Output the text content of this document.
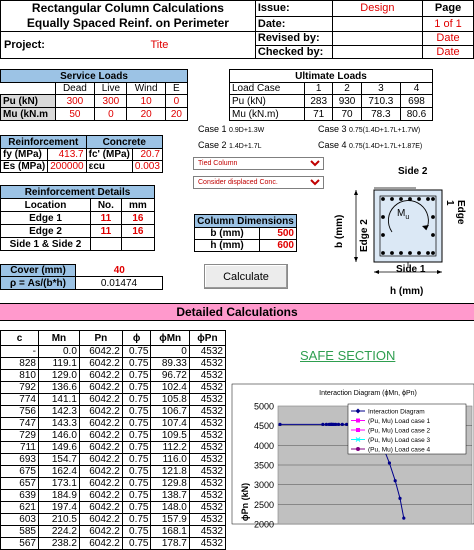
Rectangular Column Calculations
Equally Spaced Reinf. on Perimeter	Issue:	Design	Page
	Date:		1 of 1

Project: Tite	Revised by:		Date
	Checked by:		Date
Service Loads				
	Dead	Live	Wind	E
Pu (kN)	300	300	10	0
Mu (kN.m	50	0	20	20
Ultimate Loads				
Load Case	1	2	3	4
Pu (kN)	283	930	710.3	698
Mu (kN.m)	71	70	78.3	80.6
Case 1 0.9D+1.3W
Case 2 1.4D+1.7L
Case 3 0.75(1.4D+1.7L+1.7W)
Case 4 0.75(1.4D+1.7L+1.87E)
Reinforcement		Concrete	
fy (MPa)	413.7	fc' (MPa)	20.7
Es (MPa)	200000	εcu	0.003
Tied Column
Consider displaced Conc.
Reinforcement Details		
Location	No.	mm
Edge 1	11	16
Edge 2	11	16
Side 1 & Side 2		
Column Dimensions	
b (mm)	500
h (mm)	600
Cover (mm)	40
ρ = As/(b*h)	0.01474
Calculate
Side 2
Side 1
h (mm)
b (mm) Edge 2
Edge 1
$M_u$
Detailed Calculations
c	Mn	Pn	ϕ	ϕMn	ϕPn
-	0.0	6042.2	0.75	0	4532
828	119.1	6042.2	0.75	89.33	4532
810	129.0	6042.2	0.75	96.72	4532
792	136.6	6042.2	0.75	102.4	4532
774	141.1	6042.2	0.75	105.8	4532
756	142.3	6042.2	0.75	106.7	4532
747	143.3	6042.2	0.75	107.4	4532
729	146.0	6042.2	0.75	109.5	4532
711	149.6	6042.2	0.75	112.2	4532
693	154.7	6042.2	0.75	116.0	4532
675	162.4	6042.2	0.75	121.8	4532
657	173.1	6042.2	0.75	129.8	4532
639	184.9	6042.2	0.75	138.7	4532
621	197.4	6042.2	0.75	148.0	4532
603	210.5	6042.2	0.75	157.9	4532
585	224.2	6042.2	0.75	168.1	4532
567	238.2	6042.2	0.75	178.7	4532
SAFE SECTION
Interaction Diagram (ϕMn, ϕPn)
5000
4500
4000
3500
3000
2500
2000
ϕPn (kN)
Interaction Diagram
(Pu, Mu) Load case 1
(Pu, Mu) Load case 2
(Pu, Mu) Load case 3
(Pu, Mu) Load case 4
